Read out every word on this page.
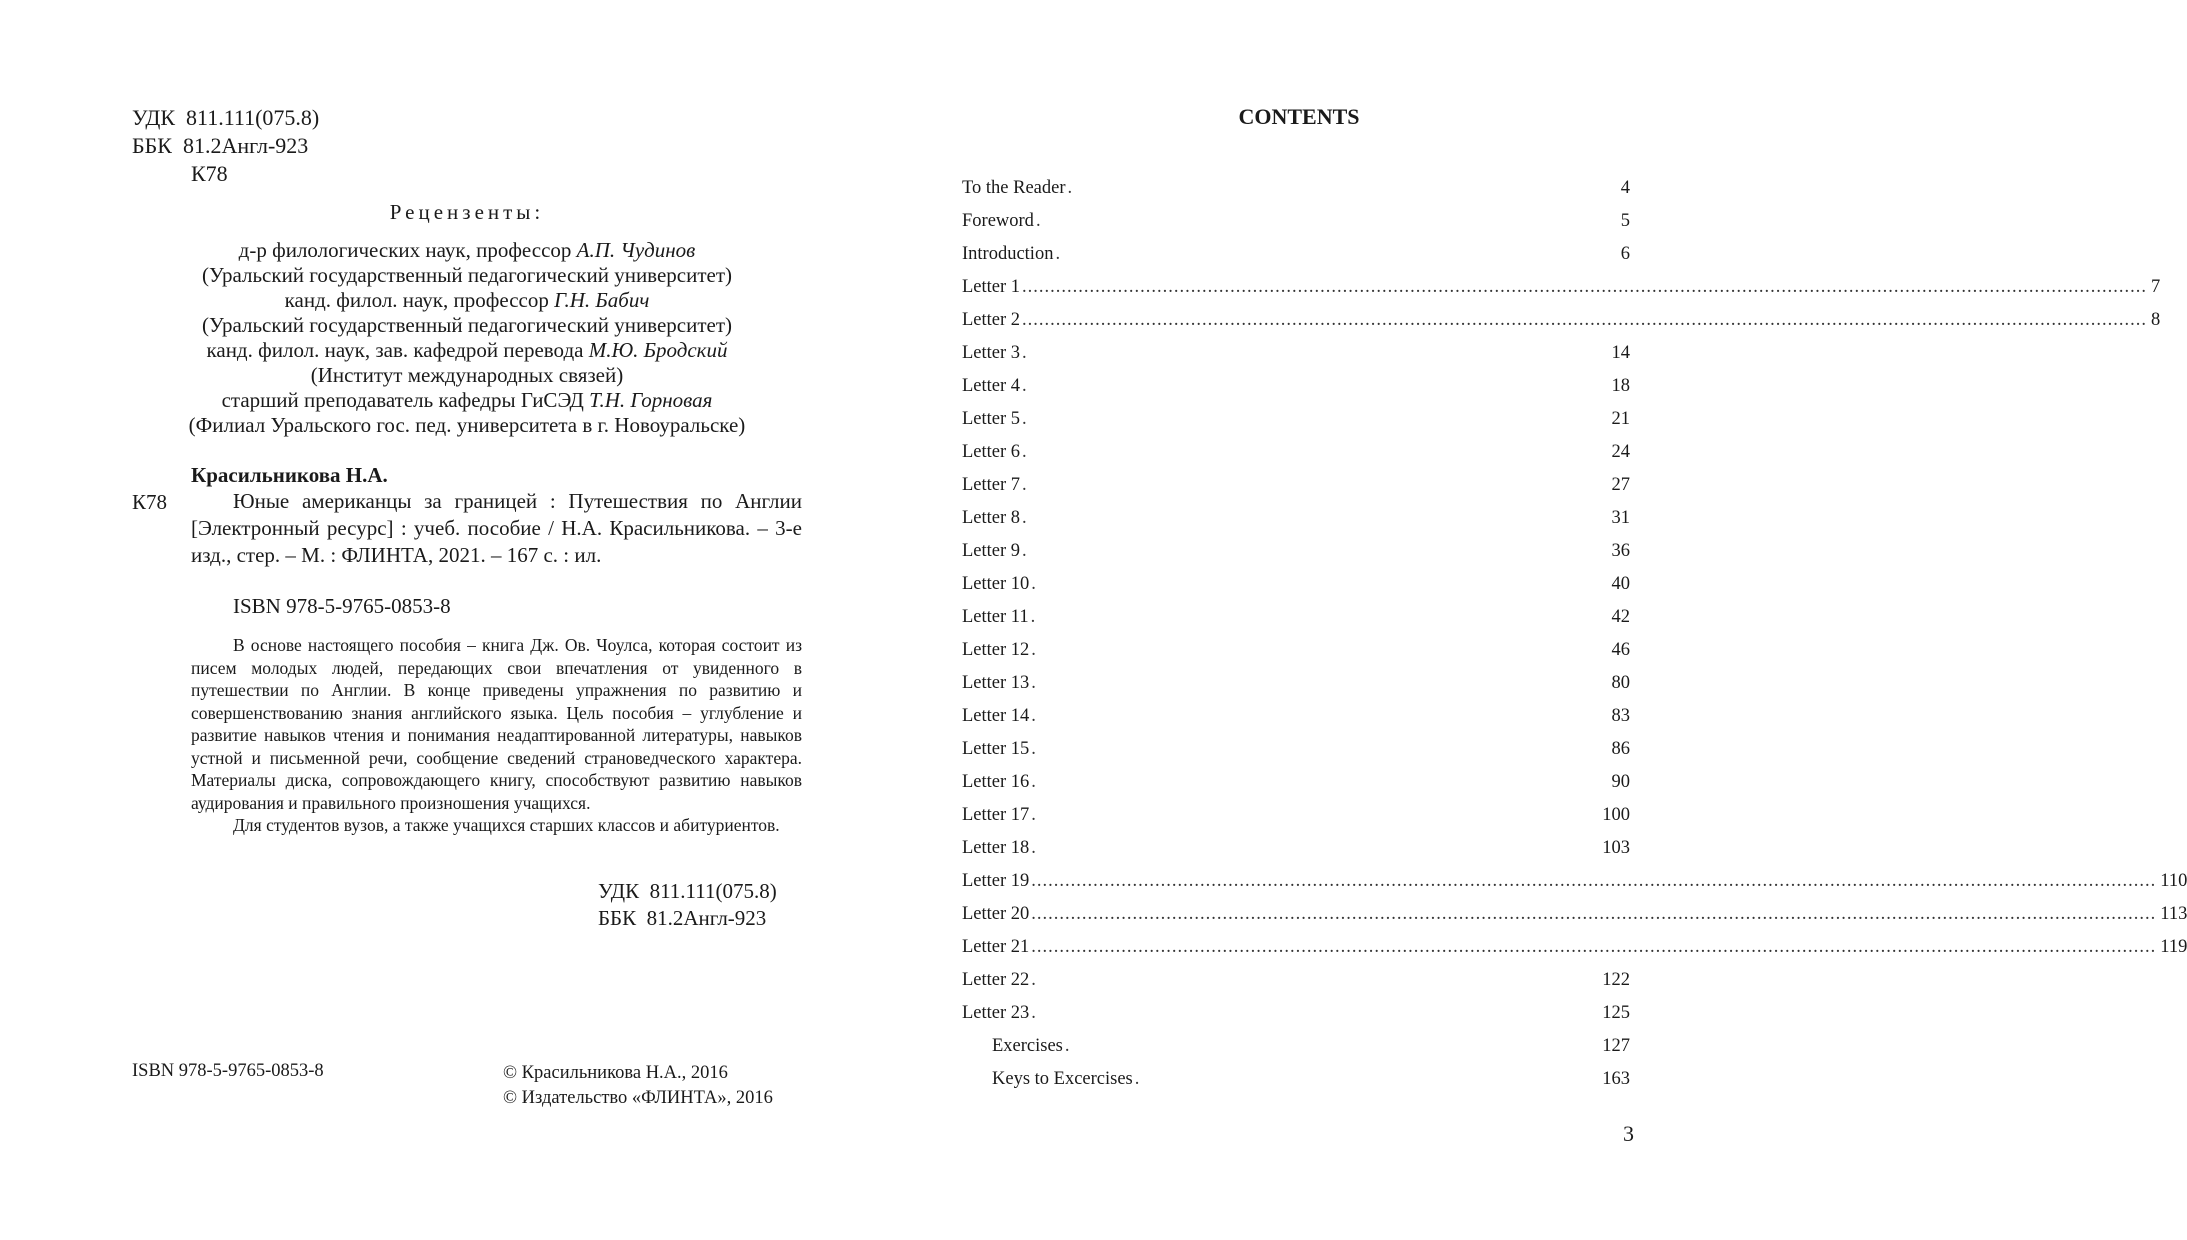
УДК  811.111(075.8)
ББК  81.2Англ-923
К78
Рецензенты:
д-р филологических наук, профессор А.П. Чудинов
(Уральский государственный педагогический университет)
канд. филол. наук, профессор Г.Н. Бабич
(Уральский государственный педагогический университет)
канд. филол. наук, зав. кафедрой перевода М.Ю. Бродский
(Институт международных связей)
старший преподаватель кафедры ГиСЭД Т.Н. Горновая
(Филиал Уральского гос. пед. университета в г. Новоуральске)
Красильникова Н.А.
К78	Юные американцы за границей : Путешествия по Англии [Электронный ресурс] : учеб. пособие / Н.А. Красильникова. – 3-е изд., стер. – М. : ФЛИНТА, 2021. – 167 с. : ил.
ISBN 978-5-9765-0853-8

В основе настоящего пособия – книга Дж. Ов. Чоулса, которая состоит из писем молодых людей, передающих свои впечатления от увиденного в путешествии по Англии. В конце приведены упражнения по развитию и совершенствованию знания английского языка. Цель пособия – углубление и развитие навыков чтения и понимания неадаптированной литературы, навыков устной и письменной речи, сообщение сведений страноведческого характера. Материалы диска, сопровождающего книгу, способствуют развитию навыков аудирования и правильного произношения учащихся.

Для студентов вузов, а также учащихся старших классов и абитуриентов.

УДК  811.111(075.8)
ББК  81.2Англ-923
ISBN 978-5-9765-0853-8	© Красильникова Н.А., 2016
© Издательство «ФЛИНТА», 2016
CONTENTS
To the Reader .	4
Foreword .	5
Introduction .	6
Letter 1 ........................................................................................................................................................................................................ 7
Letter 2 ........................................................................................................................................................................................................ 8
Letter 3 .	14
Letter 4 .	18
Letter 5 .	21
Letter 6 .	24
Letter 7 .	27
Letter 8 .	31
Letter 9 .	36
Letter 10 .	40
Letter 11 .	42
Letter 12 .	46
Letter 13 .	80
Letter 14 .	83
Letter 15 .	86
Letter 16 .	90
Letter 17 .	100
Letter 18 .	103
Letter 19 ........................................................................................................................................................................................................ 110
Letter 20 ........................................................................................................................................................................................................ 113
Letter 21 ........................................................................................................................................................................................................ 119
Letter 22 .	122
Letter 23 .	125
Exercises .	127
Keys to Excercises .	163
3
